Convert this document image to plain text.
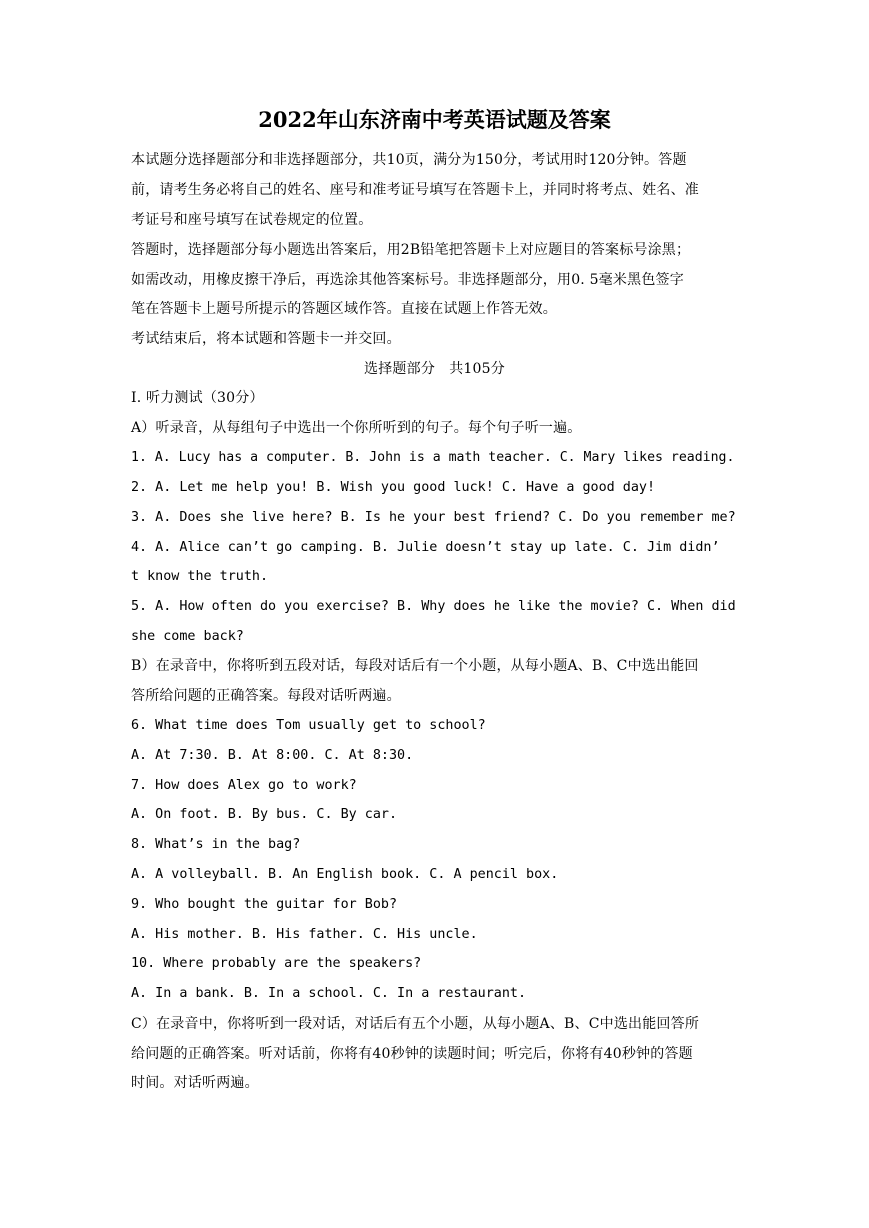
2022年山东济南中考英语试题及答案
本试题分选择题部分和非选择题部分，共10页，满分为150分，考试用时120分钟。答题
前，请考生务必将自己的姓名、座号和准考证号填写在答题卡上，并同时将考点、姓名、准
考证号和座号填写在试卷规定的位置。
答题时，选择题部分每小题选出答案后，用2B铅笔把答题卡上对应题目的答案标号涂黑；
如需改动，用橡皮擦干净后，再选涂其他答案标号。非选择题部分，用0. 5毫米黑色签字
笔在答题卡上题号所提示的答题区域作答。直接在试题上作答无效。
考试结束后，将本试题和答题卡一并交回。
选择题部分　共105分
Ⅰ. 听力测试（30分）
A）听录音，从每组句子中选出一个你所听到的句子。每个句子听一遍。
1. A. Lucy has a computer. B. John is a math teacher. C. Mary likes reading.
2. A. Let me help you! B. Wish you good luck! C. Have a good day!
3. A. Does she live here? B. Is he your best friend? C. Do you remember me?
4. A. Alice can’t go camping. B. Julie doesn’t stay up late. C. Jim didn’
t know the truth.
5. A. How often do you exercise? B. Why does he like the movie? C. When did
she come back?
B）在录音中，你将听到五段对话，每段对话后有一个小题，从每小题A、B、C中选出能回
答所给问题的正确答案。每段对话听两遍。
6. What time does Tom usually get to school?
A. At 7:30. B. At 8:00. C. At 8:30.
7. How does Alex go to work?
A. On foot. B. By bus. C. By car.
8. What’s in the bag?
A. A volleyball. B. An English book. C. A pencil box.
9. Who bought the guitar for Bob?
A. His mother. B. His father. C. His uncle.
10. Where probably are the speakers?
A. In a bank. B. In a school. C. In a restaurant.
C）在录音中，你将听到一段对话，对话后有五个小题，从每小题A、B、C中选出能回答所
给问题的正确答案。听对话前，你将有40秒钟的读题时间；听完后，你将有40秒钟的答题
时间。对话听两遍。
